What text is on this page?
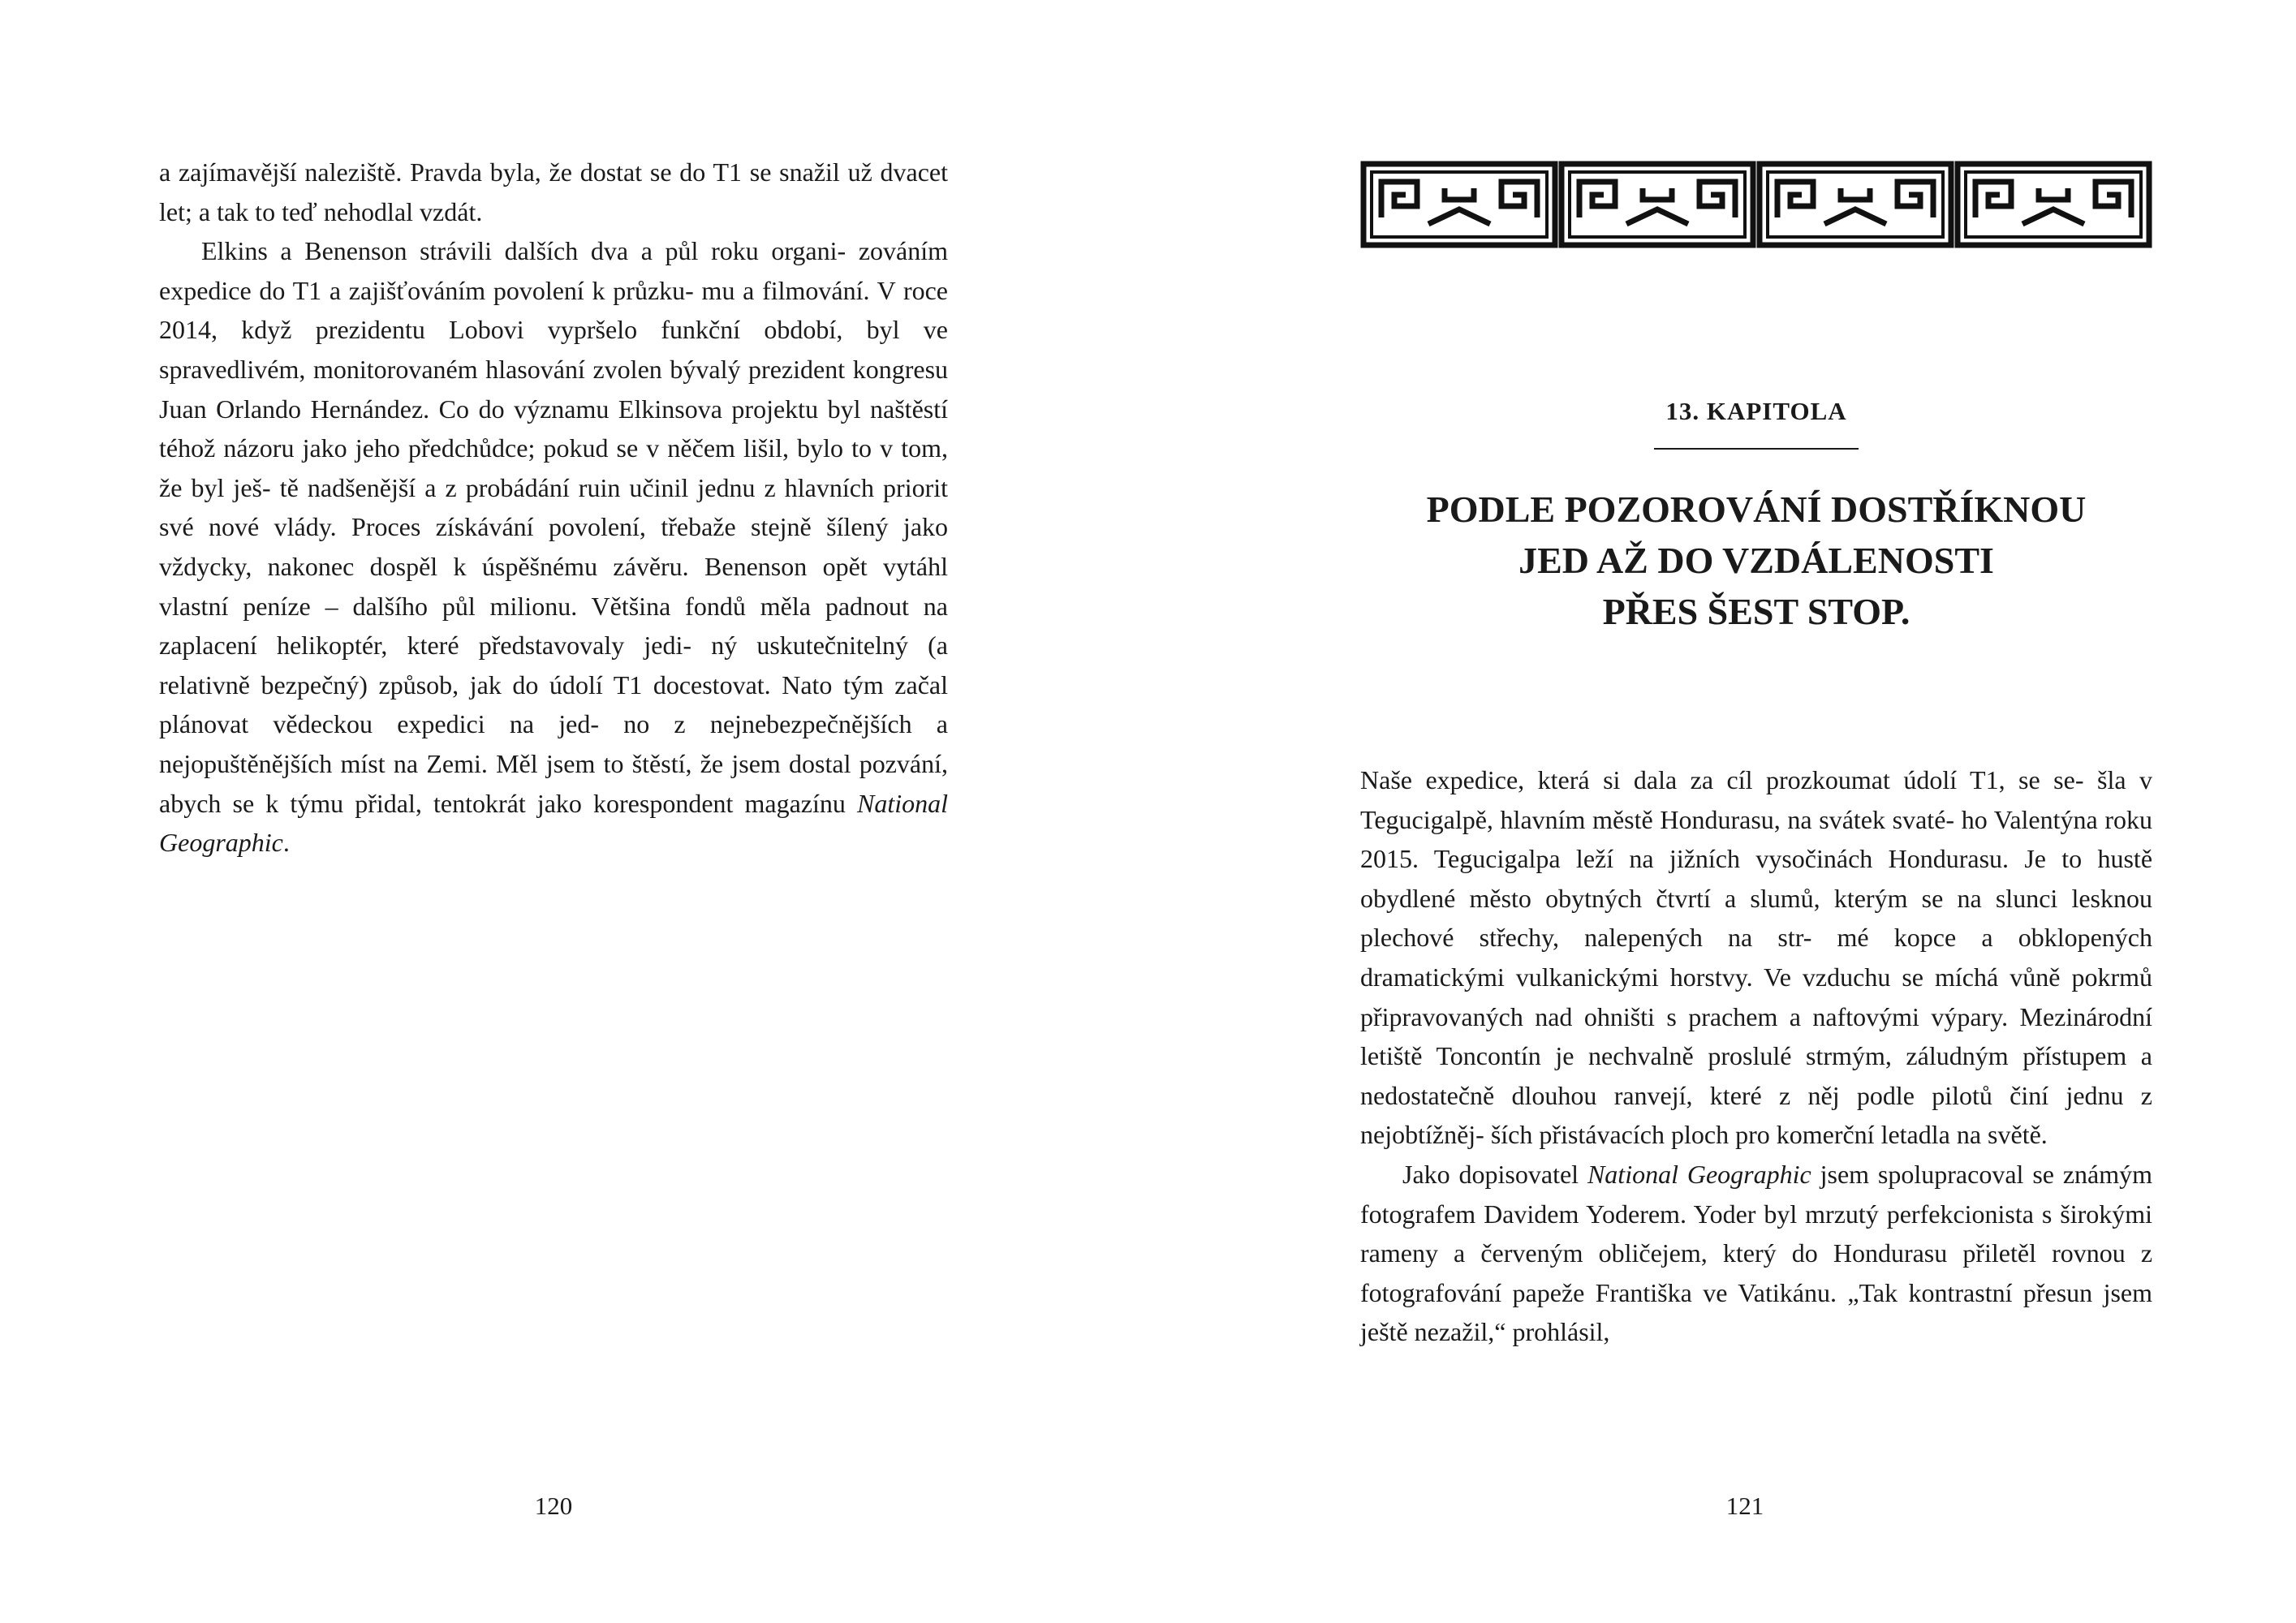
a zajímavější naleziště. Pravda byla, že dostat se do T1 se snažil už dvacet let; a tak to teď nehodlal vzdát.

Elkins a Benenson strávili dalších dva a půl roku organi- zováním expedice do T1 a zajišťováním povolení k průzku- mu a filmování. V roce 2014, když prezidentu Lobovi vypršelo funkční období, byl ve spravedlivém, monitorovaném hlasování zvolen bývalý prezident kongresu Juan Orlando Hernández. Co do významu Elkinsova projektu byl naštěstí téhož názoru jako jeho předchůdce; pokud se v něčem lišil, bylo to v tom, že byl ješ- tě nadšenější a z probádání ruin učinil jednu z hlavních priorit své nové vlády. Proces získávání povolení, třebaže stejně šílený jako vždycky, nakonec dospěl k úspěšnému závěru. Benenson opět vytáhl vlastní peníze – dalšího půl milionu. Většina fondů měla padnout na zaplacení helikoptér, které představovaly jedi- ný uskutečnitelný (a relativně bezpečný) způsob, jak do údolí T1 docestovat. Nato tým začal plánovat vědeckou expedici na jed- no z nejnebezpečnějších a nejopuštěnějších míst na Zemi. Měl jsem to štěstí, že jsem dostal pozvání, abych se k týmu přidal, tentokrát jako korespondent magazínu National Geographic.

120
13. KAPITOLA
PODLE POZOROVÁNÍ DOSTŘÍKNOU
JED AŽ DO VZDÁLENOSTI
PŘES ŠEST STOP.

Naše expedice, která si dala za cíl prozkoumat údolí T1, se se- šla v Tegucigalpě, hlavním městě Hondurasu, na svátek svaté- ho Valentýna roku 2015. Tegucigalpa leží na jižních vysočinách Hondurasu. Je to hustě obydlené město obytných čtvrtí a slumů, kterým se na slunci lesknou plechové střechy, nalepených na str- mé kopce a obklopených dramatickými vulkanickými horstvy. Ve vzduchu se míchá vůně pokrmů připravovaných nad ohništi s prachem a naftovými výpary. Mezinárodní letiště Toncontín je nechvalně proslulé strmým, záludným přístupem a nedostatečně dlouhou ranvejí, které z něj podle pilotů činí jednu z nejobtížněj- ších přistávacích ploch pro komerční letadla na světě.

Jako dopisovatel National Geographic jsem spolupracoval se známým fotografem Davidem Yoderem. Yoder byl mrzutý perfekcionista s širokými rameny a červeným obličejem, který do Hondurasu přiletěl rovnou z fotografování papeže Františka ve Vatikánu. „Tak kontrastní přesun jsem ještě nezažil,“ prohlásil,

121
